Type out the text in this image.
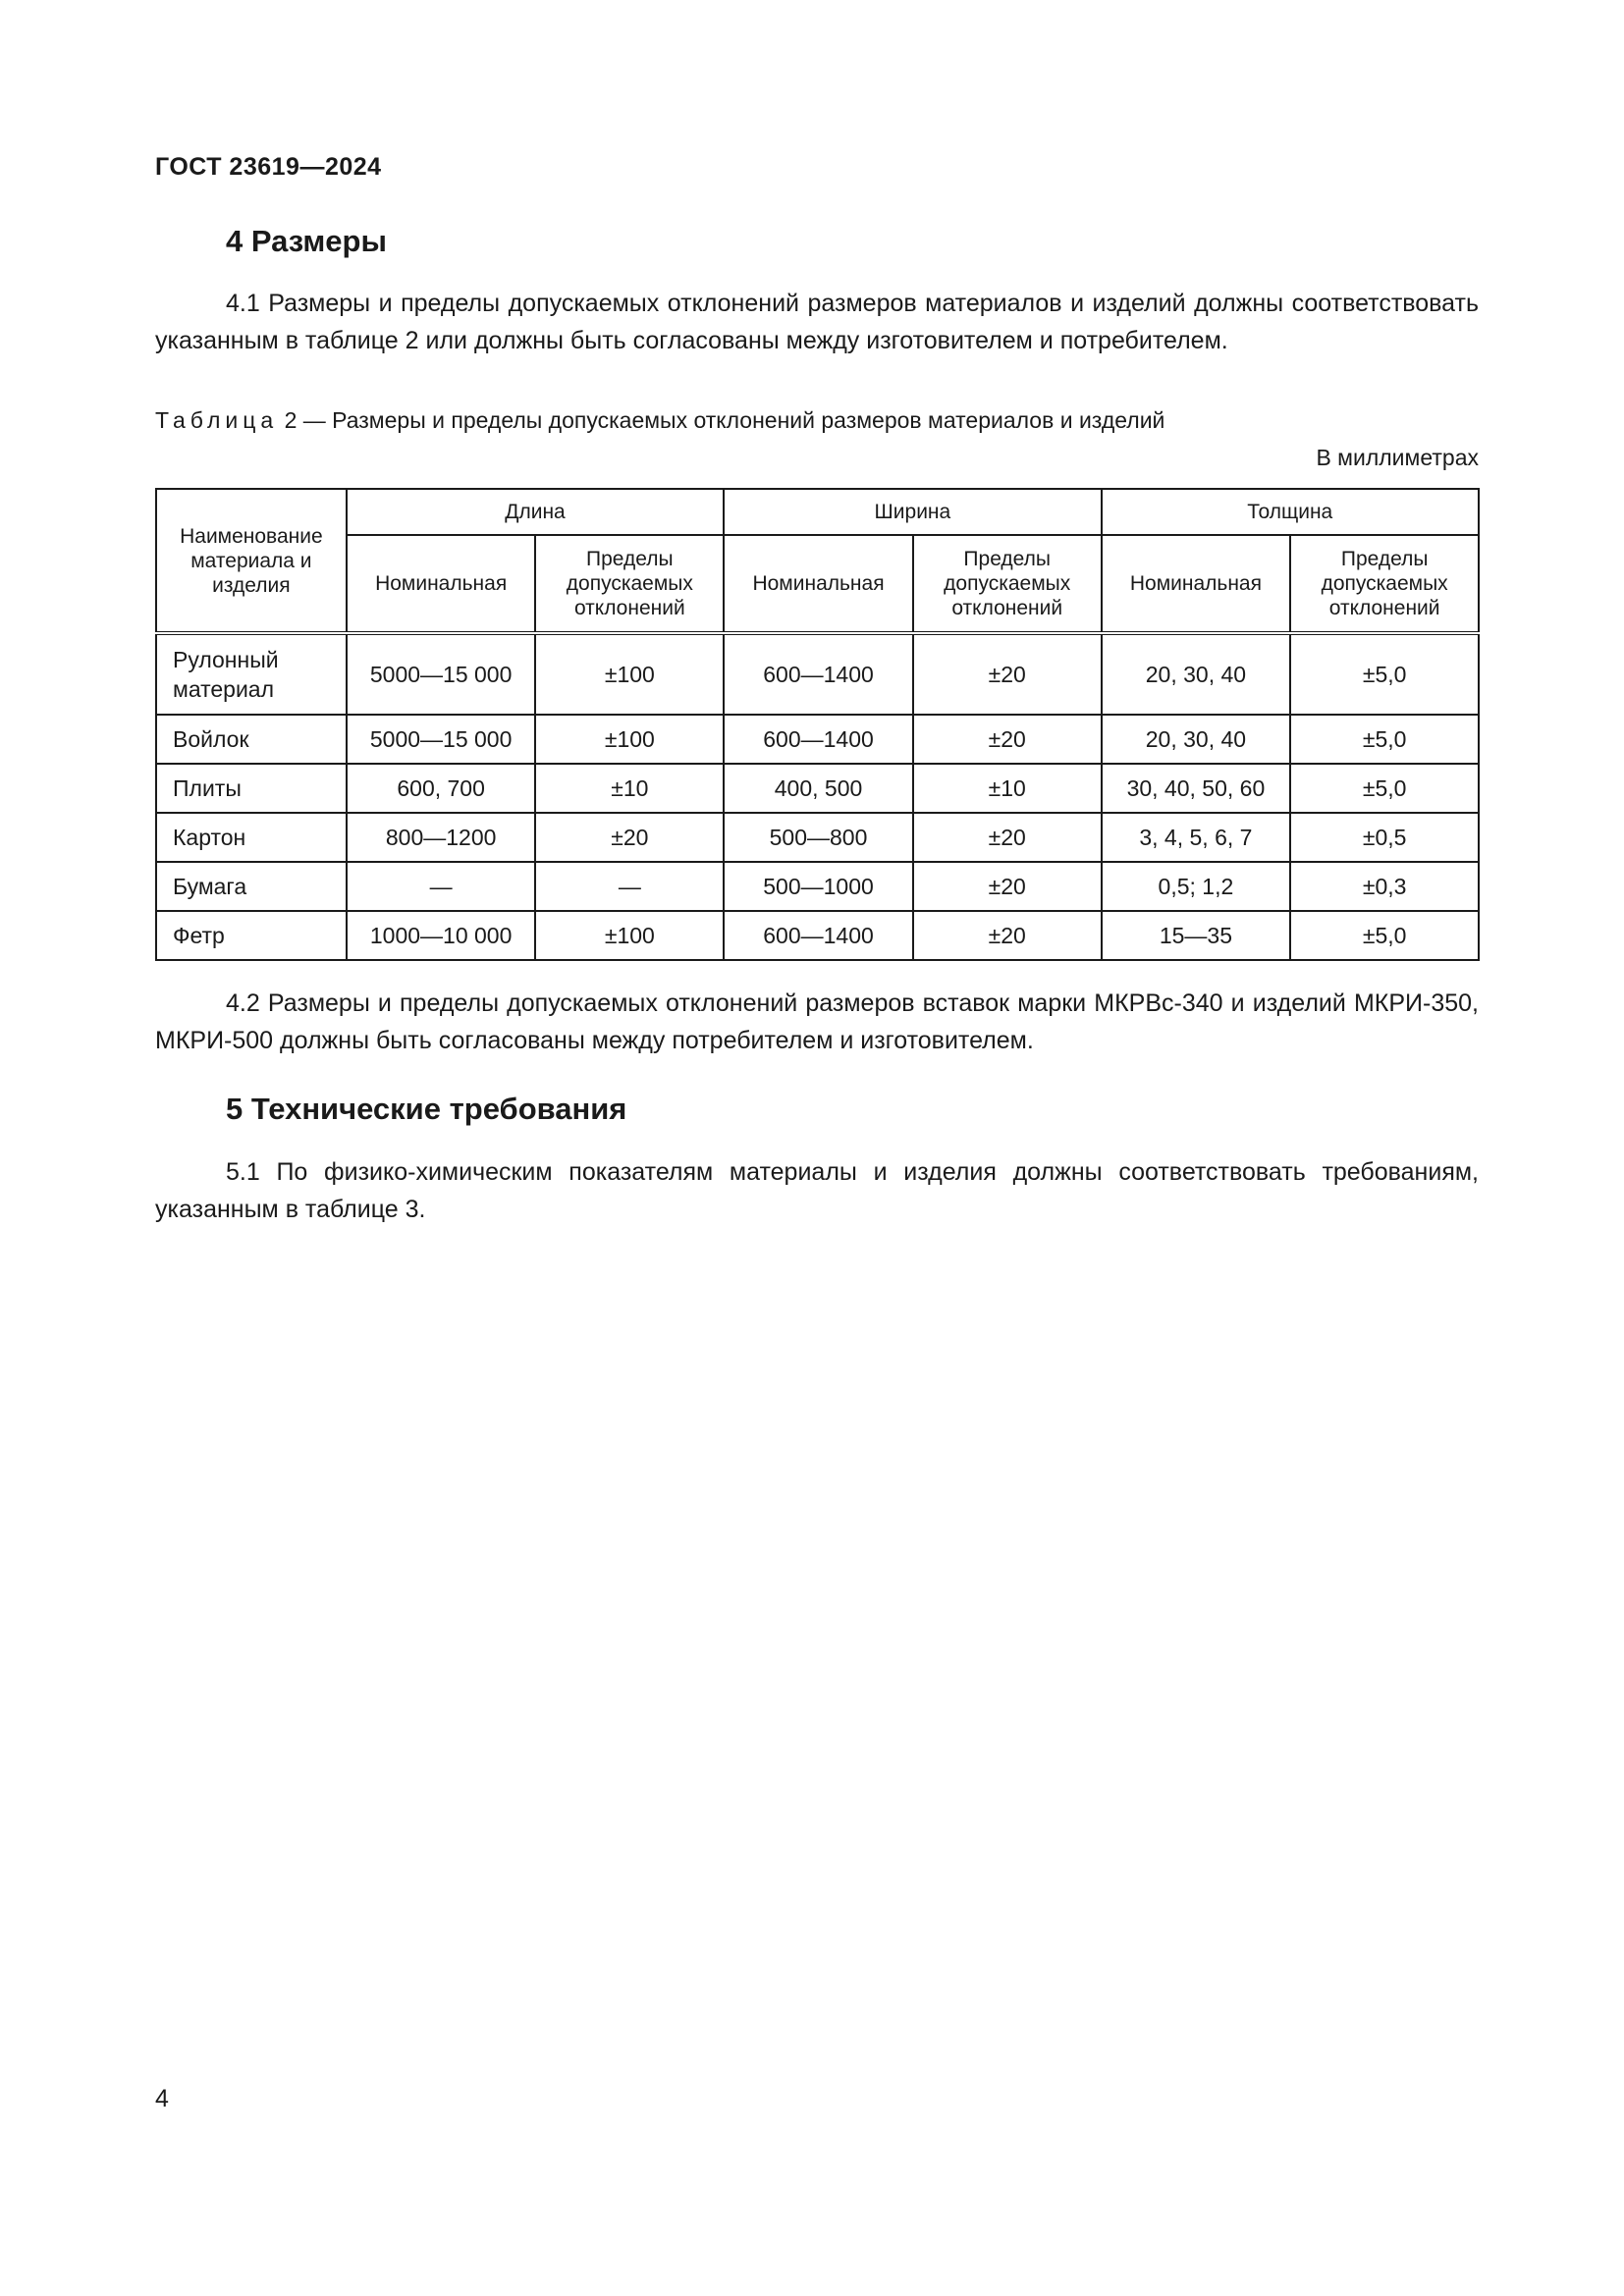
ГОСТ 23619—2024
4 Размеры

4.1 Размеры и пределы допускаемых отклонений размеров материалов и изделий должны соответствовать указанным в таблице 2 или должны быть согласованы между изготовителем и потребителем.

Таблица 2 — Размеры и пределы допускаемых отклонений размеров материалов и изделий
В миллиметрах
Наименование материала и изделия	Длина		Ширина		Толщина	
	Номинальная	Пределы допускаемых отклонений	Номинальная	Пределы допускаемых отклонений	Номинальная	Пределы допускаемых отклонений
Рулонный материал	5000—15 000	±100	600—1400	±20	20, 30, 40	±5,0
Войлок	5000—15 000	±100	600—1400	±20	20, 30, 40	±5,0
Плиты	600, 700	±10	400, 500	±10	30, 40, 50, 60	±5,0
Картон	800—1200	±20	500—800	±20	3, 4, 5, 6, 7	±0,5
Бумага	—	—	500—1000	±20	0,5; 1,2	±0,3
Фетр	1000—10 000	±100	600—1400	±20	15—35	±5,0

4.2 Размеры и пределы допускаемых отклонений размеров вставок марки МКРВс-340 и изделий МКРИ-350, МКРИ-500 должны быть согласованы между потребителем и изготовителем.

5 Технические требования

5.1 По физико-химическим показателям материалы и изделия должны соответствовать требованиям, указанным в таблице 3.

4
